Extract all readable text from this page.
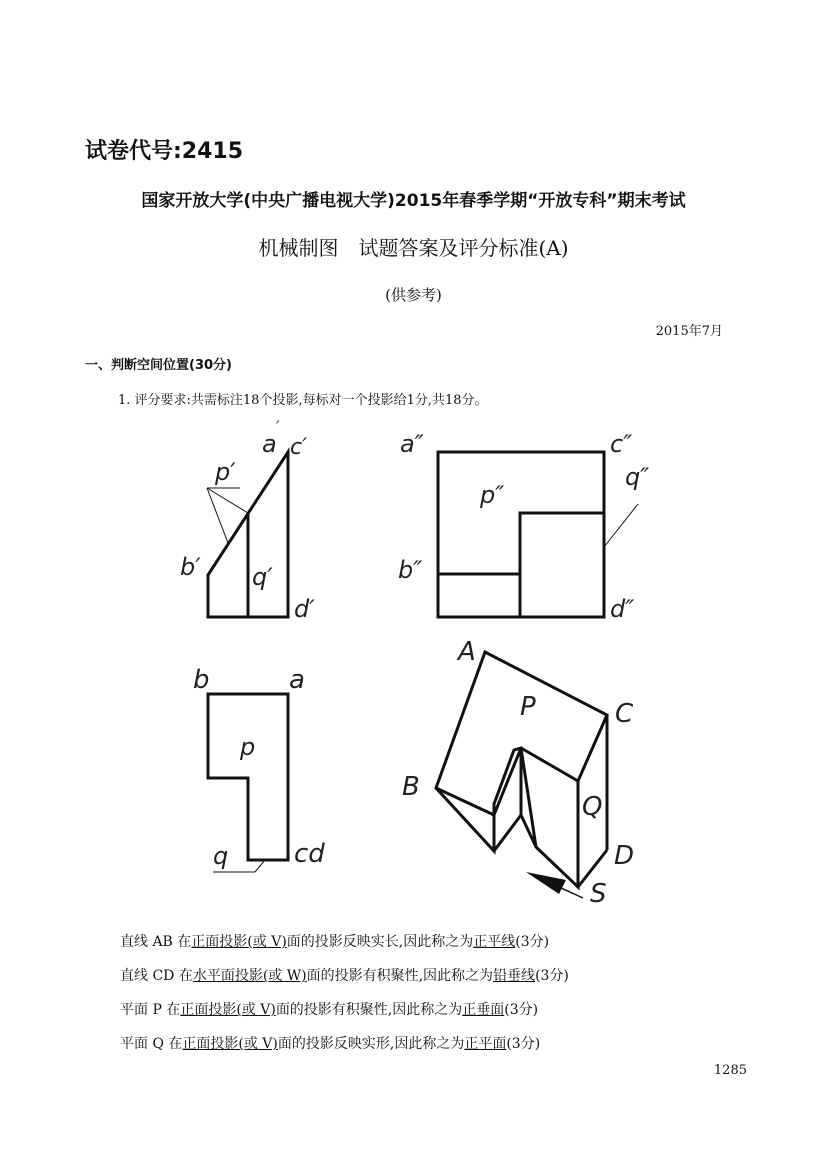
试卷代号:2415
国家开放大学(中央广播电视大学)2015年春季学期“开放专科”期末考试
机械制图　试题答案及评分标准(A)
(供参考)
2015年7月
一、判断空间位置(30分)
1. 评分要求:共需标注18个投影,每标对一个投影给1分,共18分。
a
′
c′
p′
b′ q′
d′
a″	c″
q″
p″
b″
d″
b	a
p
q	cd
A
P	C
B
Q
D
S
直线 AB 在正面投影(或 V)面的投影反映实长,因此称之为正平线(3分)
直线 CD 在水平面投影(或 W)面的投影有积聚性,因此称之为铅垂线(3分)
平面 P 在正面投影(或 V)面的投影有积聚性,因此称之为正垂面(3分)
平面 Q 在正面投影(或 V)面的投影反映实形,因此称之为正平面(3分)
1285
